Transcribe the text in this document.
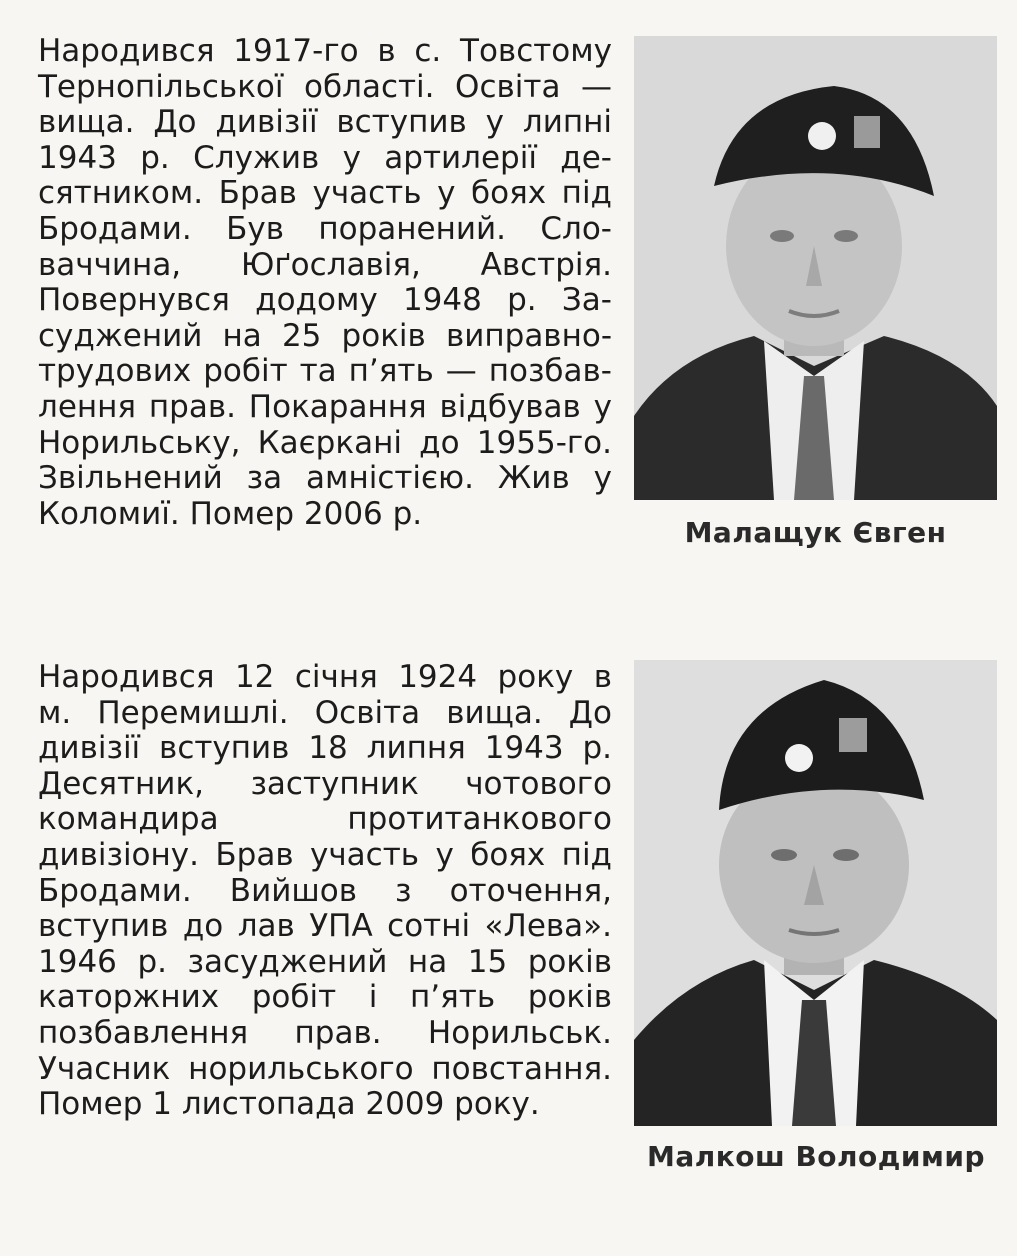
Народився 1917-го в с. Товстому
Тернопільської області. Освіта —
вища. До дивізії вступив у липні
1943 р. Служив у артилерії де-
сятником. Брав участь у боях під
Бродами. Був поранений. Сло-
ваччина, Юґославія, Австрія.
Повернувся додому 1948 р. За-
суджений на 25 років виправно-
трудових робіт та п’ять — позбав-
лення прав. Покарання відбував у
Норильську, Каєркані до 1955-го.
Звільнений за амністією. Жив у
Коломиї. Помер 2006 р.
Малащук Євген
Народився 12 січня 1924 року в
м. Перемишлі. Освіта вища. До
дивізії вступив 18 липня 1943 р.
Десятник, заступник чотового
командира протитанкового
дивізіону. Брав участь у боях під
Бродами. Вийшов з оточення,
вступив до лав УПА сотні «Лева».
1946 р. засуджений на 15 років
каторжних робіт і п’ять років
позбавлення прав. Норильськ.
Учасник норильського повстання.
Помер 1 листопада 2009 року.
Малкош Володимир
